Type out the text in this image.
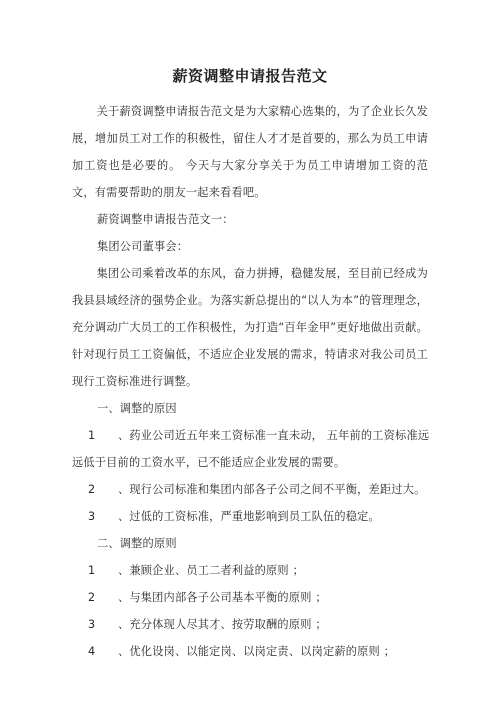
薪资调整申请报告范文

关于薪资调整申请报告范文是为大家精心选集的，为了企业长久发展，增加员工对工作的积极性，留住人才才是首要的，那么为员工申请加工资也是必要的。 今天与大家分享关于为员工申请增加工资的范文，有需要帮助的朋友一起来看看吧。

薪资调整申请报告范文一：

集团公司董事会：

集团公司乘着改革的东风，奋力拼搏，稳健发展，至目前已经成为我县县域经济的强势企业。为落实新总提出的“以人为本”的管理理念，充分调动广大员工的工作积极性，为打造“百年金甲”更好地做出贡献。针对现行员工工资偏低，不适应企业发展的需求，特请求对我公司员工现行工资标准进行调整。

一、调整的原因

1 、药业公司近五年来工资标准一直未动， 五年前的工资标准远
远低于目前的工资水平，已不能适应企业发展的需要。

2 、现行公司标准和集团内部各子公司之间不平衡，差距过大。

3 、过低的工资标准，严重地影响到员工队伍的稳定。

二、调整的原则

1 、兼顾企业、员工二者利益的原则 ；

2 、与集团内部各子公司基本平衡的原则 ；

3 、充分体现人尽其才、按劳取酬的原则 ；

4 、优化设岗、以能定岗、以岗定责、以岗定薪的原则 ；
